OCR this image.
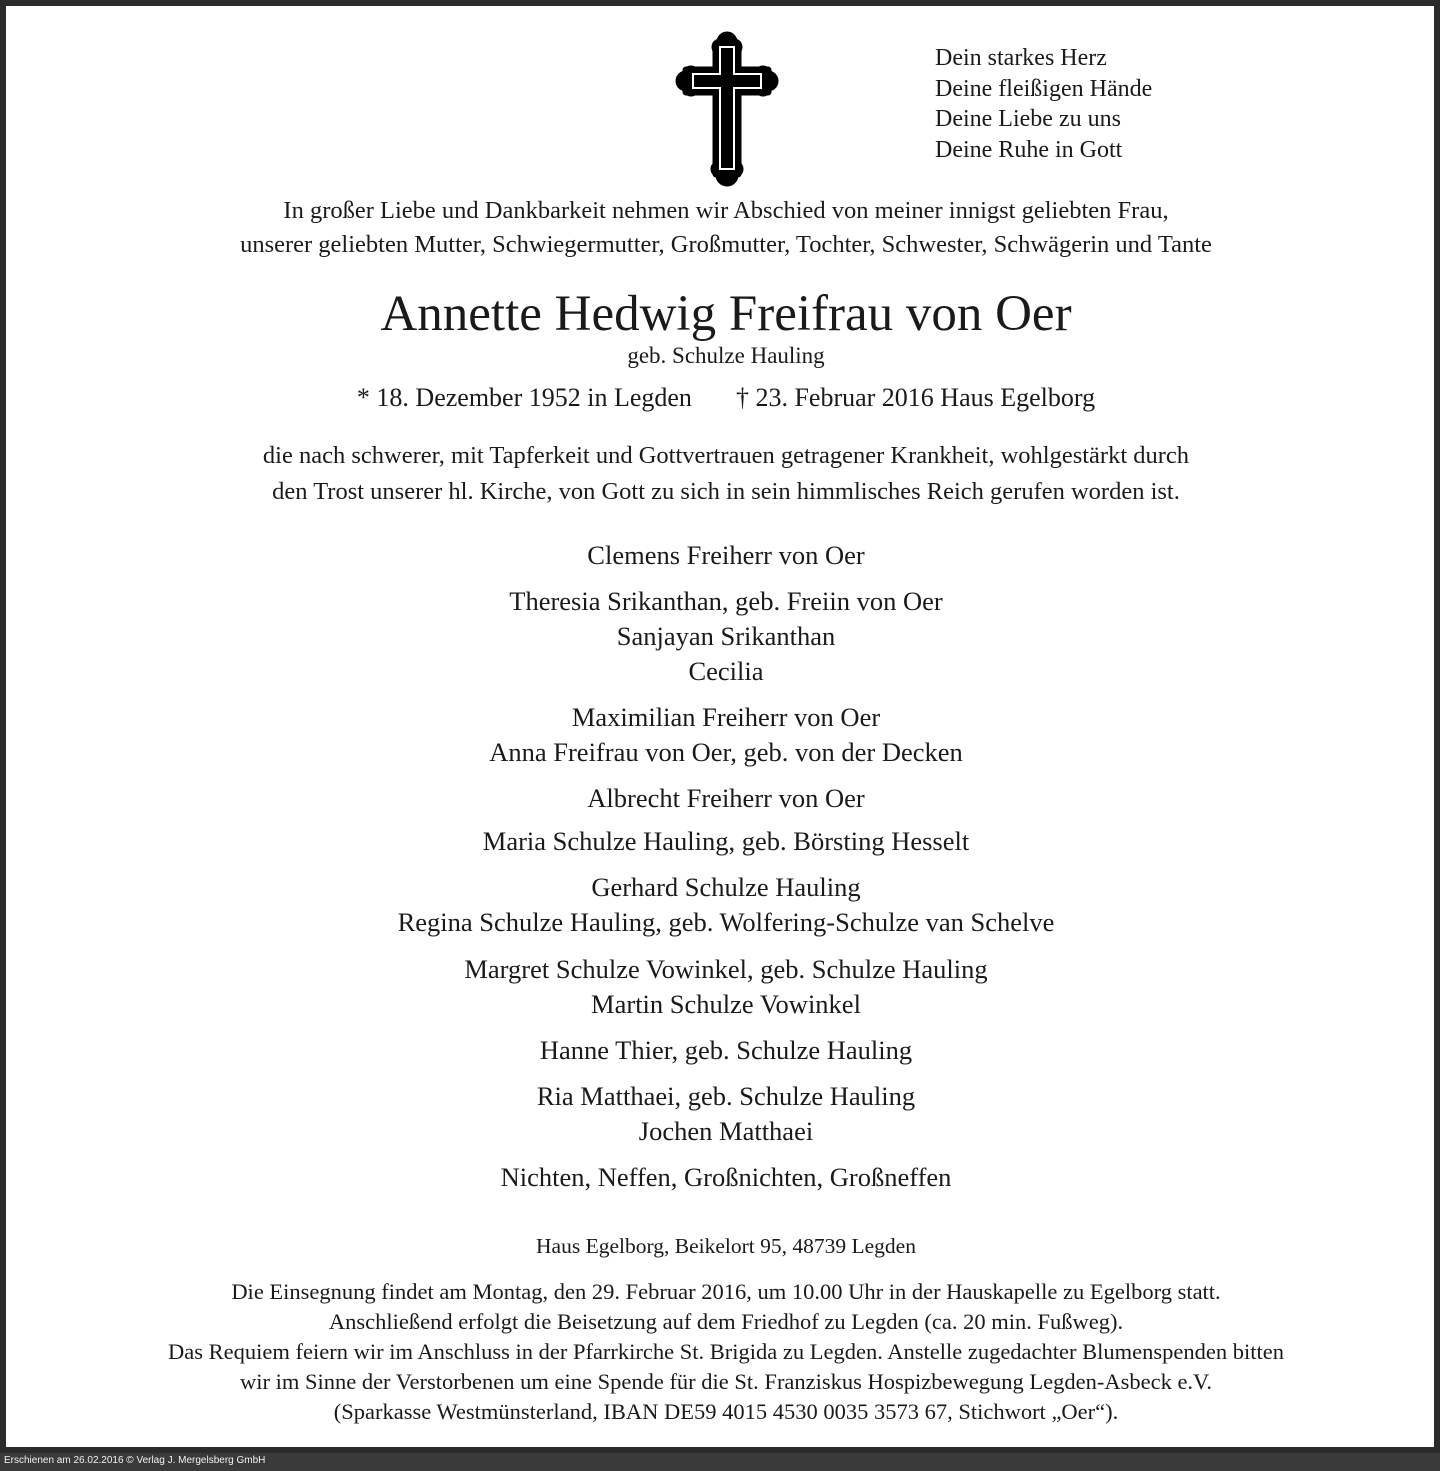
Dein starkes Herz
Deine fleißigen Hände
Deine Liebe zu uns
Deine Ruhe in Gott
In großer Liebe und Dankbarkeit nehmen wir Abschied von meiner innigst geliebten Frau,
unserer geliebten Mutter, Schwiegermutter, Großmutter, Tochter, Schwester, Schwägerin und Tante
Annette Hedwig Freifrau von Oer
geb. Schulze Hauling
* 18. Dezember 1952 in Legden † 23. Februar 2016 Haus Egelborg
die nach schwerer, mit Tapferkeit und Gottvertrauen getragener Krankheit, wohlgestärkt durch
den Trost unserer hl. Kirche, von Gott zu sich in sein himmlisches Reich gerufen worden ist.
Clemens Freiherr von Oer
Theresia Srikanthan, geb. Freiin von Oer
Sanjayan Srikanthan
Cecilia
Maximilian Freiherr von Oer
Anna Freifrau von Oer, geb. von der Decken
Albrecht Freiherr von Oer
Maria Schulze Hauling, geb. Börsting Hesselt
Gerhard Schulze Hauling
Regina Schulze Hauling, geb. Wolfering-Schulze van Schelve
Margret Schulze Vowinkel, geb. Schulze Hauling
Martin Schulze Vowinkel
Hanne Thier, geb. Schulze Hauling
Ria Matthaei, geb. Schulze Hauling
Jochen Matthaei
Nichten, Neffen, Großnichten, Großneffen
Haus Egelborg, Beikelort 95, 48739 Legden
Die Einsegnung findet am Montag, den 29. Februar 2016, um 10.00 Uhr in der Hauskapelle zu Egelborg statt.
Anschließend erfolgt die Beisetzung auf dem Friedhof zu Legden (ca. 20 min. Fußweg).
Das Requiem feiern wir im Anschluss in der Pfarrkirche St. Brigida zu Legden. Anstelle zugedachter Blumenspenden bitten
wir im Sinne der Verstorbenen um eine Spende für die St. Franziskus Hospizbewegung Legden-Asbeck e.V.
(Sparkasse Westmünsterland, IBAN DE59 4015 4530 0035 3573 67, Stichwort „Oer“).
Erschienen am 26.02.2016 © Verlag J. Mergelsberg GmbH
